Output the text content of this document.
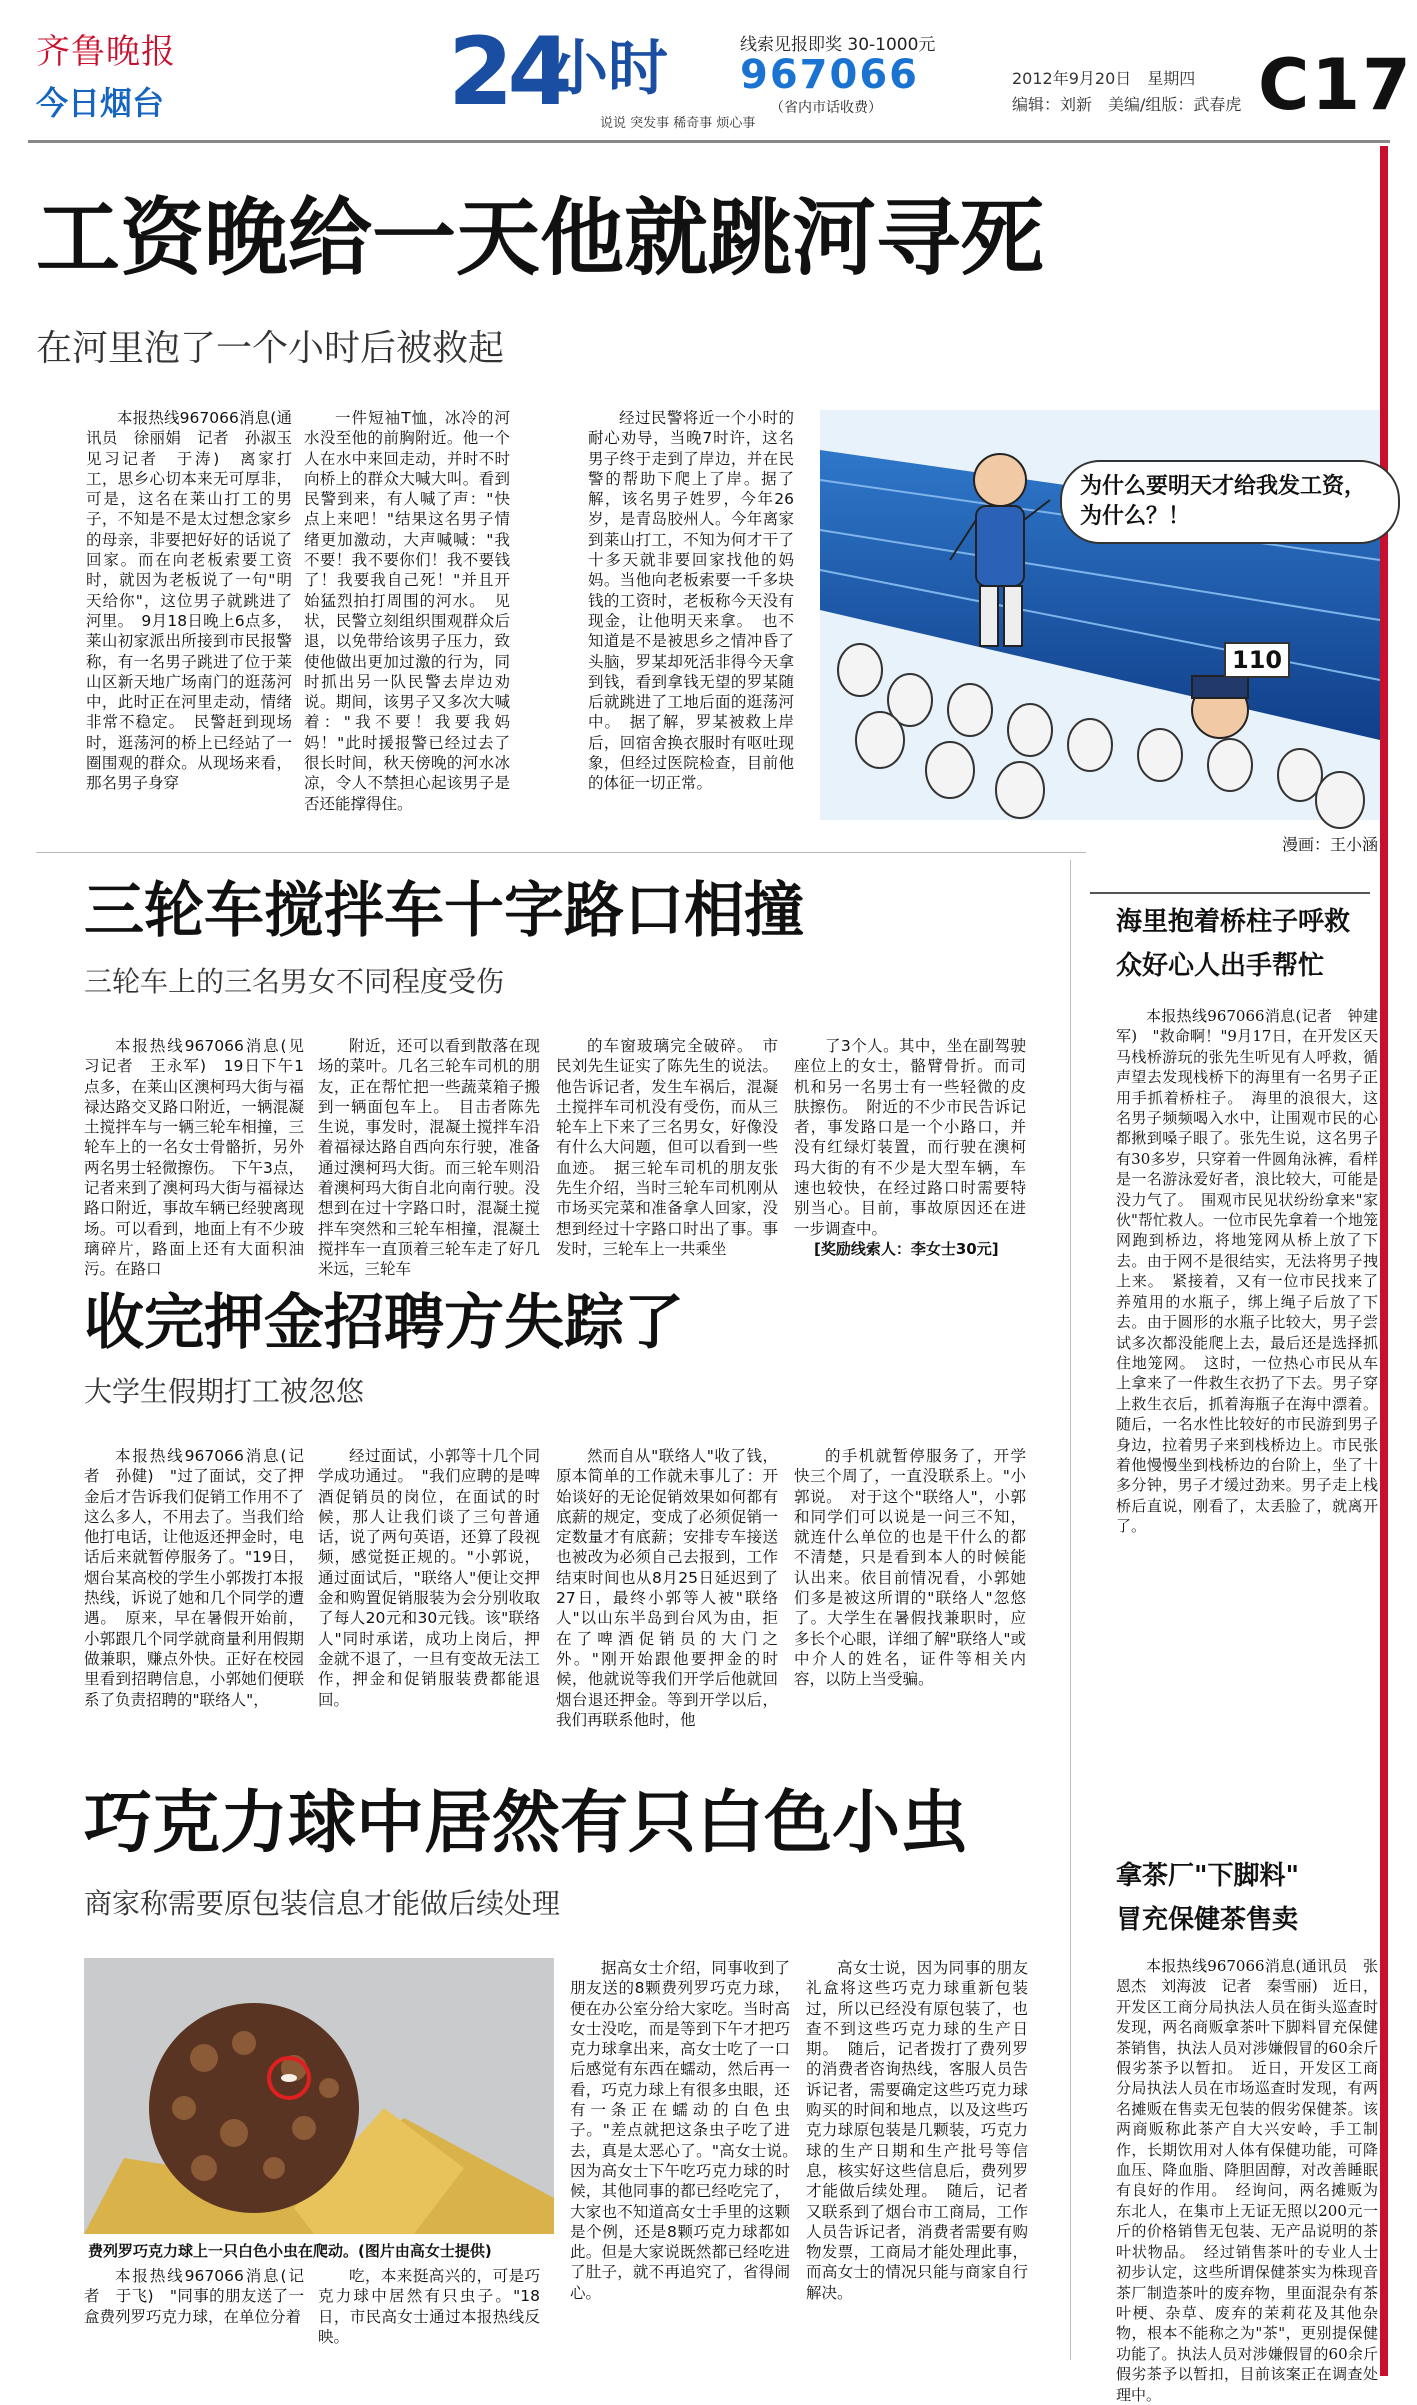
齐鲁晚报
今日烟台	24
小时
说说 突发事 稀奇事 烦心事
线索见报即奖 30-1000元
967066
（省内市话收费）
2012年9月20日　星期四
编辑：刘新　美编/组版：武春虎 C17
工资晚给一天他就跳河寻死
在河里泡了一个小时后被救起

本报热线967066消息(通讯员　徐丽娟　记者　孙淑玉　见习记者　于涛)　离家打工，思乡心切本来无可厚非，可是，这名在莱山打工的男子，不知是不是太过想念家乡的母亲，非要把好好的话说了回家。而在向老板索要工资时，就因为老板说了一句"明天给你"，这位男子就跳进了河里。　9月18日晚上6点多，莱山初家派出所接到市民报警称，有一名男子跳进了位于莱山区新天地广场南门的逛荡河中，此时正在河里走动，情绪非常不稳定。　民警赶到现场时，逛荡河的桥上已经站了一圈围观的群众。从现场来看，那名男子身穿

一件短袖T恤，冰冷的河水没至他的前胸附近。他一个人在水中来回走动，并时不时向桥上的群众大喊大叫。看到民警到来，有人喊了声："快点上来吧！"结果这名男子情绪更加激动，大声喊喊："我不要！我不要你们！我不要钱了！我要我自己死！"并且开始猛烈拍打周围的河水。　见状，民警立刻组织围观群众后退，以免带给该男子压力，致使他做出更加过激的行为，同时抓出另一队民警去岸边劝说。期间，该男子又多次大喊着："我不要！我要我妈妈！"此时援报警已经过去了很长时间，秋天傍晚的河水冰凉，令人不禁担心起该男子是否还能撑得住。

经过民警将近一个小时的耐心劝导，当晚7时许，这名男子终于走到了岸边，并在民警的帮助下爬上了岸。据了解，该名男子姓罗，今年26岁，是青岛胶州人。今年离家到莱山打工，不知为何才干了十多天就非要回家找他的妈妈。当他向老板索要一千多块钱的工资时，老板称今天没有现金，让他明天来拿。　也不知道是不是被思乡之情冲昏了头脑，罗某却死活非得今天拿到钱，看到拿钱无望的罗某随后就跳进了工地后面的逛荡河中。　据了解，罗某被救上岸后，回宿舍换衣服时有呕吐现象，但经过医院检查，目前他的体征一切正常。

为什么要明天才给我发工资，为什么？！
110
漫画：王小涵
三轮车搅拌车十字路口相撞
三轮车上的三名男女不同程度受伤

本报热线967066消息(见习记者　王永军)　19日下午1点多，在莱山区澳柯玛大街与福禄达路交叉路口附近，一辆混凝土搅拌车与一辆三轮车相撞，三轮车上的一名女士骨骼折，另外两名男士轻微擦伤。　下午3点，记者来到了澳柯玛大街与福禄达路口附近，事故车辆已经驶离现场。可以看到，地面上有不少玻璃碎片，路面上还有大面积油污。在路口

附近，还可以看到散落在现场的菜叶。几名三轮车司机的朋友，正在帮忙把一些蔬菜箱子搬到一辆面包车上。　目击者陈先生说，事发时，混凝土搅拌车沿着福禄达路自西向东行驶，准备通过澳柯玛大街。而三轮车则沿着澳柯玛大街自北向南行驶。没想到在过十字路口时，混凝土搅拌车突然和三轮车相撞，混凝土搅拌车一直顶着三轮车走了好几米远，三轮车

的车窗玻璃完全破碎。　市民刘先生证实了陈先生的说法。他告诉记者，发生车祸后，混凝土搅拌车司机没有受伤，而从三轮车上下来了三名男女，好像没有什么大问题，但可以看到一些血迹。　据三轮车司机的朋友张先生介绍，当时三轮车司机刚从市场买完菜和准备拿人回家，没想到经过十字路口时出了事。事发时，三轮车上一共乘坐

了3个人。其中，坐在副驾驶座位上的女士，骼臂骨折。而司机和另一名男士有一些轻微的皮肤擦伤。　附近的不少市民告诉记者，事发路口是一个小路口，并没有红绿灯装置，而行驶在澳柯玛大街的有不少是大型车辆，车速也较快，在经过路口时需要特别当心。目前，事故原因还在进一步调查中。

[奖励线索人：李女士30元]
收完押金招聘方失踪了
大学生假期打工被忽悠

本报热线967066消息(记者　孙健)　"过了面试，交了押金后才告诉我们促销工作用不了这么多人，不用去了。当我们给他打电话，让他返还押金时，电话后来就暂停服务了。"19日，烟台某高校的学生小郭拨打本报热线，诉说了她和几个同学的遭遇。　原来，早在暑假开始前，小郭跟几个同学就商量利用假期做兼职，赚点外快。正好在校园里看到招聘信息，小郭她们便联系了负责招聘的"联络人"，

经过面试，小郭等十几个同学成功通过。　"我们应聘的是啤酒促销员的岗位，在面试的时候，那人让我们谈了三句普通话，说了两句英语，还算了段视频，感觉挺正规的。"小郭说，通过面试后，"联络人"便让交押金和购置促销服装为会分别收取了每人20元和30元钱。该"联络人"同时承诺，成功上岗后，押金就不退了，一旦有变故无法工作，押金和促销服装费都能退回。

然而自从"联络人"收了钱，原本简单的工作就未事儿了：开始谈好的无论促销效果如何都有底薪的规定，变成了必须促销一定数量才有底薪；安排专车接送也被改为必须自己去报到，工作结束时间也从8月25日延迟到了27日，最终小郭等人被"联络人"以山东半岛到台风为由，拒在了啤酒促销员的大门之外。"刚开始跟他要押金的时候，他就说等我们开学后他就回烟台退还押金。等到开学以后，我们再联系他时，他

的手机就暂停服务了，开学快三个周了，一直没联系上。"小郭说。　对于这个"联络人"，小郭和同学们可以说是一问三不知，就连什么单位的也是干什么的都不清楚，只是看到本人的时候能认出来。依目前情况看，小郭她们多是被这所谓的"联络人"忽悠了。大学生在暑假找兼职时，应多长个心眼，详细了解"联络人"或中介人的姓名，证件等相关内容，以防上当受骗。

巧克力球中居然有只白色小虫
商家称需要原包装信息才能做后续处理
费列罗巧克力球上一只白色小虫在爬动。(图片由高女士提供)

本报热线967066消息(记者　于飞)　"同事的朋友送了一盒费列罗巧克力球，在单位分着

吃，本来挺高兴的，可是巧克力球中居然有只虫子。"18日，市民高女士通过本报热线反映。

据高女士介绍，同事收到了朋友送的8颗费列罗巧克力球，便在办公室分给大家吃。当时高女士没吃，而是等到下午才把巧克力球拿出来，高女士吃了一口后感觉有东西在蠕动，然后再一看，巧克力球上有很多虫眼，还有一条正在蠕动的白色虫子。"差点就把这条虫子吃了进去，真是太恶心了。"高女士说。　因为高女士下午吃巧克力球的时候，其他同事的都已经吃完了，大家也不知道高女士手里的这颗是个例，还是8颗巧克力球都如此。但是大家说既然都已经吃进了肚子，就不再追究了，省得闹心。

高女士说，因为同事的朋友礼盒将这些巧克力球重新包装过，所以已经没有原包装了，也查不到这些巧克力球的生产日期。　随后，记者拨打了费列罗的消费者咨询热线，客服人员告诉记者，需要确定这些巧克力球购买的时间和地点，以及这些巧克力球原包装是几颗装，巧克力球的生产日期和生产批号等信息，核实好这些信息后，费列罗才能做后续处理。　随后，记者又联系到了烟台市工商局，工作人员告诉记者，消费者需要有购物发票，工商局才能处理此事，而高女士的情况只能与商家自行解决。

海里抱着桥柱子呼救
众好心人出手帮忙

本报热线967066消息(记者　钟建军)　"救命啊！"9月17日，在开发区天马栈桥游玩的张先生听见有人呼救，循声望去发现栈桥下的海里有一名男子正用手抓着桥柱子。　海里的浪很大，这名男子频频喝入水中，让围观市民的心都揪到嗓子眼了。张先生说，这名男子有30多岁，只穿着一件圆角泳裤，看样是一名游泳爱好者，浪比较大，可能是没力气了。　围观市民见状纷纷拿来"家伙"帮忙救人。一位市民先拿着一个地笼网跑到桥边，将地笼网从桥上放了下去。由于网不是很结实，无法将男子拽上来。　紧接着，又有一位市民找来了养殖用的水瓶子，绑上绳子后放了下去。由于圆形的水瓶子比较大，男子尝试多次都没能爬上去，最后还是选择抓住地笼网。　这时，一位热心市民从车上拿来了一件救生衣扔了下去。男子穿上救生衣后，抓着海瓶子在海中漂着。随后，一名水性比较好的市民游到男子身边，拉着男子来到栈桥边上。市民张着他慢慢坐到栈桥边的台阶上，坐了十多分钟，男子才缓过劲来。男子走上栈桥后直说，刚看了，太丢脸了，就离开了。

拿茶厂"下脚料"
冒充保健茶售卖

本报热线967066消息(通讯员　张恩杰　刘海波　记者　秦雪丽)　近日，开发区工商分局执法人员在街头巡查时发现，两名商贩拿茶叶下脚料冒充保健茶销售，执法人员对涉嫌假冒的60余斤假劣茶予以暂扣。　近日，开发区工商分局执法人员在市场巡查时发现，有两名摊贩在售卖无包装的假劣保健茶。该两商贩称此茶产自大兴安岭，手工制作，长期饮用对人体有保健功能，可降血压、降血脂、降胆固醇，对改善睡眠有良好的作用。　经询问，两名摊贩为东北人，在集市上无证无照以200元一斤的价格销售无包装、无产品说明的茶叶状物品。　经过销售茶叶的专业人士初步认定，这些所谓保健茶实为株现音茶厂制造茶叶的废弃物，里面混杂有茶叶梗、杂草、废弃的茉莉花及其他杂物，根本不能称之为"茶"，更别提保健功能了。执法人员对涉嫌假冒的60余斤假劣茶予以暂扣，目前该案正在调查处理中。
